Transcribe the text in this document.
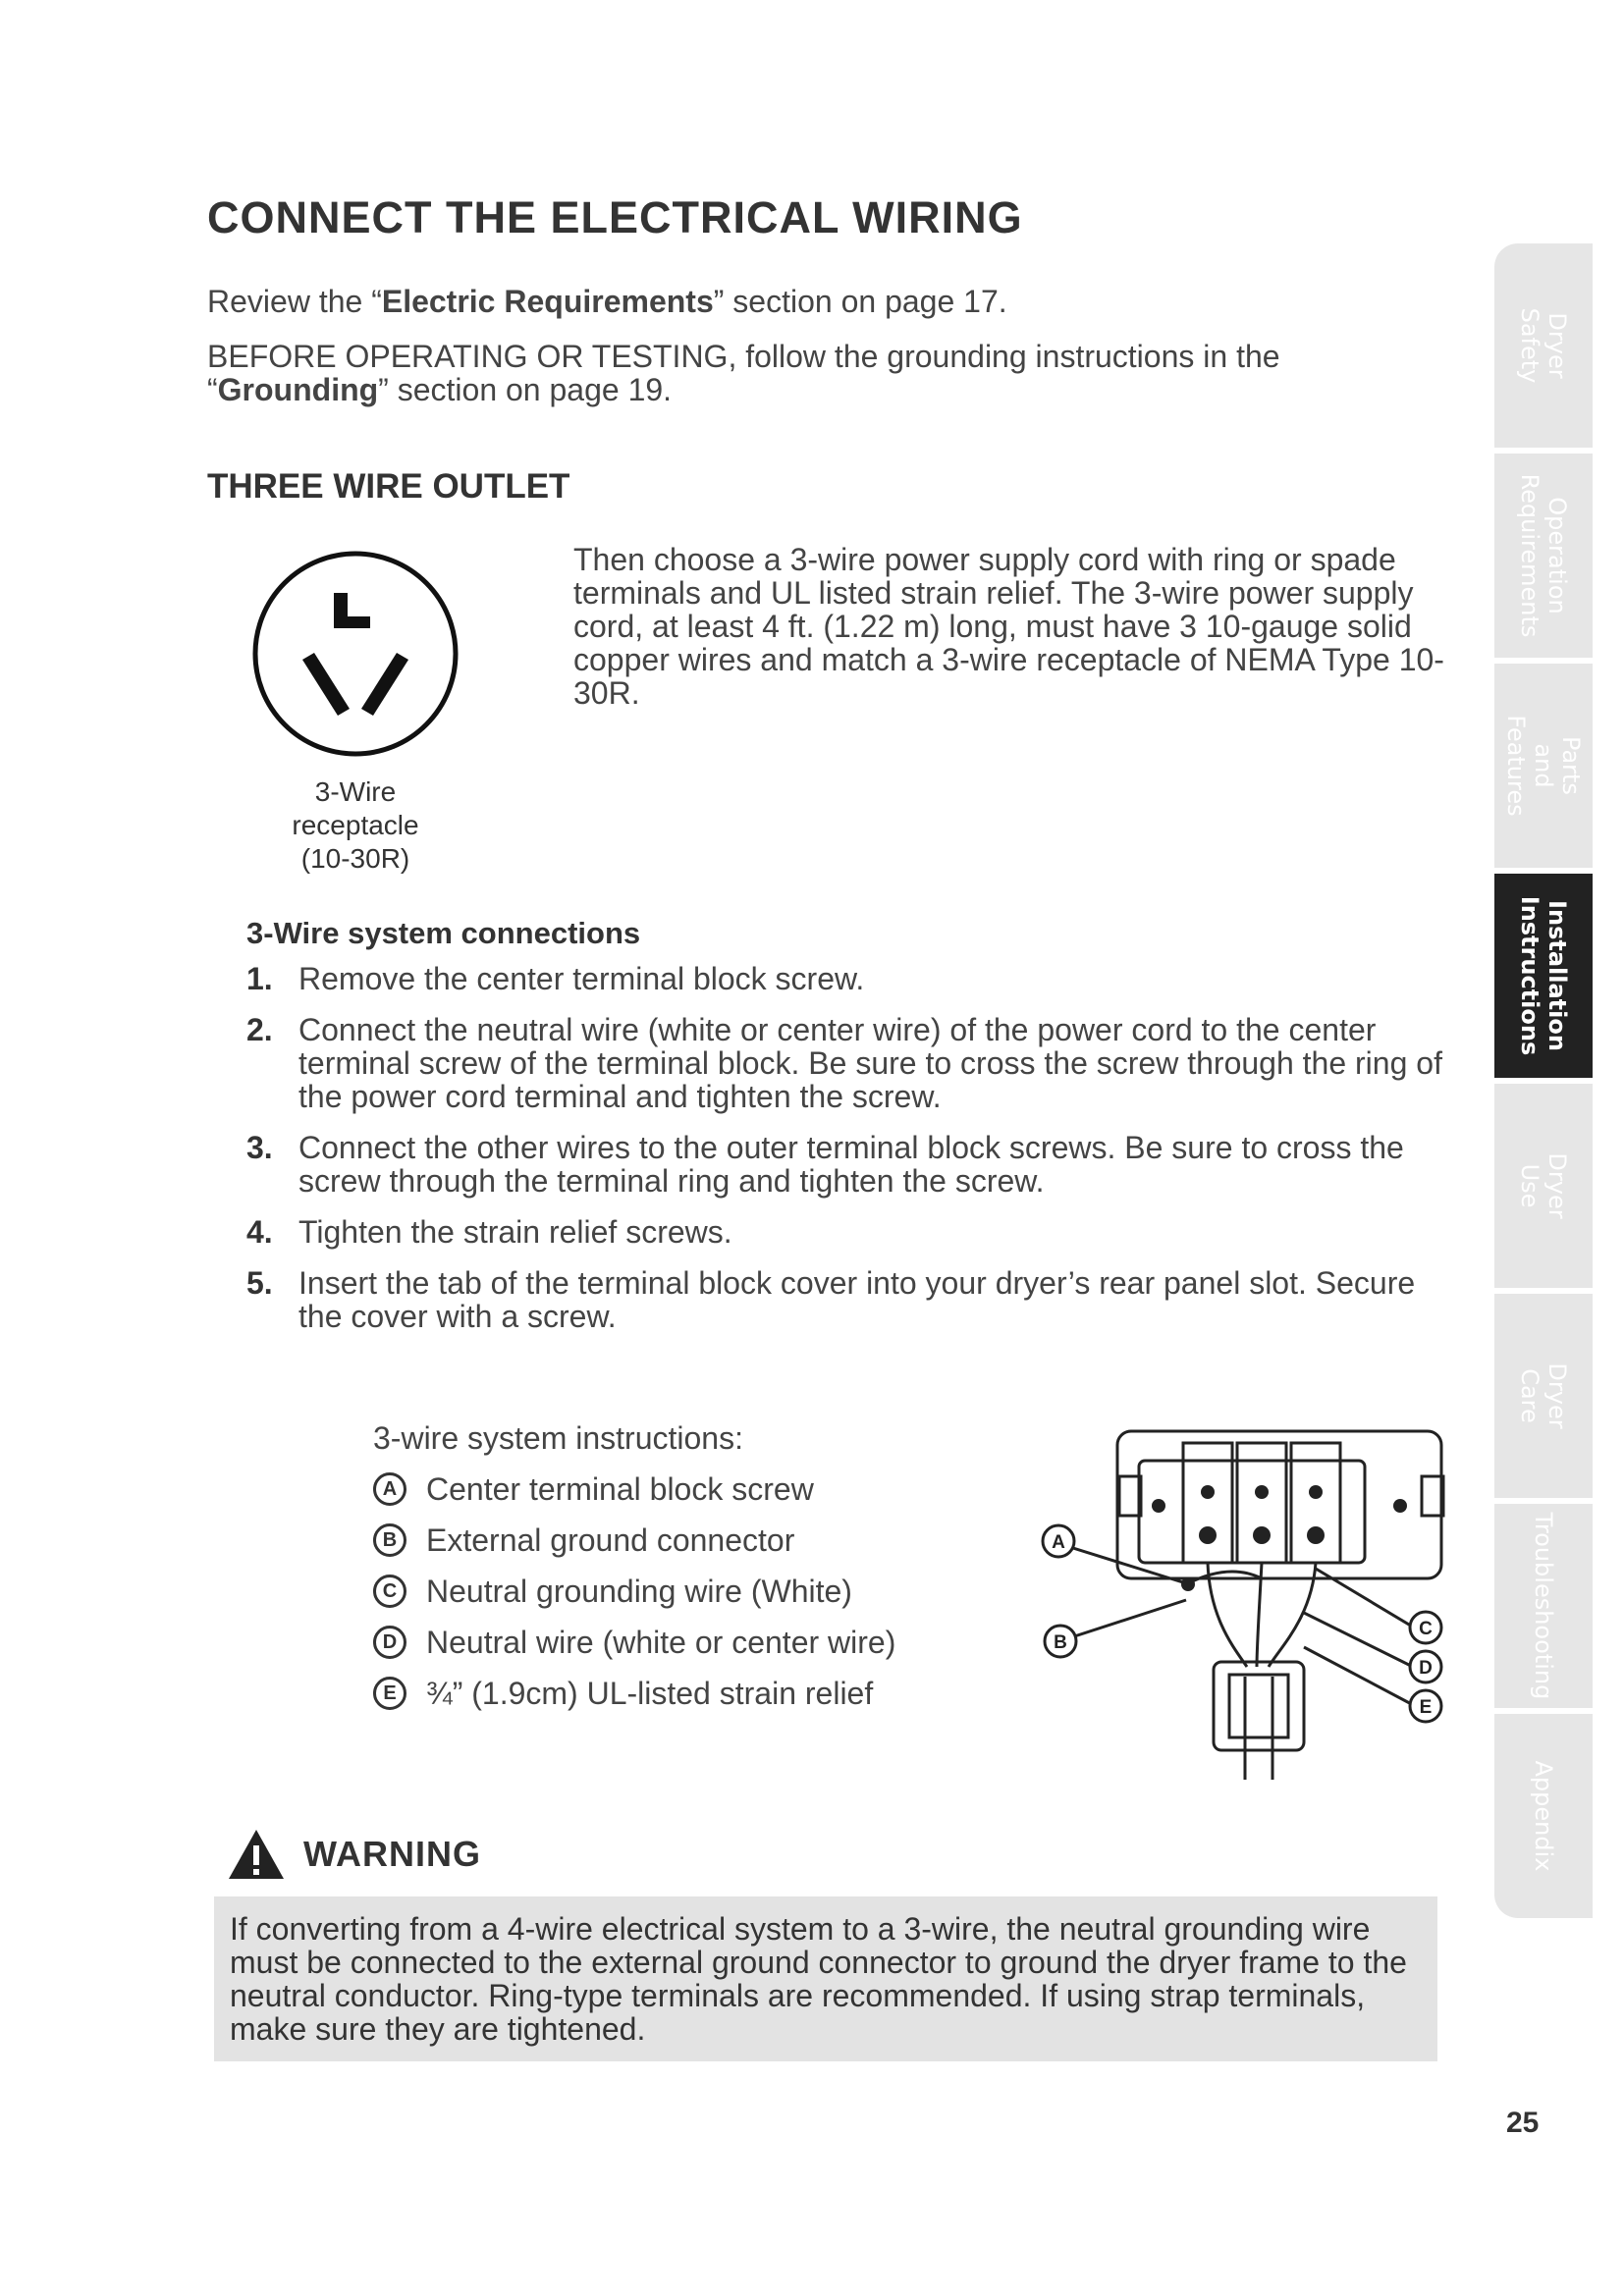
CONNECT THE ELECTRICAL WIRING

Review the “Electric Requirements” section on page 17.

BEFORE OPERATING OR TESTING, follow the grounding instructions in the “Grounding” section on page 19.

THREE WIRE OUTLET
3-Wire
receptacle
(10-30R)

Then choose a 3-wire power supply cord with ring or spade terminals and UL listed strain relief. The 3-wire power supply cord, at least 4 ft. (1.22 m) long, must have 3 10-gauge solid copper wires and match a 3-wire receptacle of NEMA Type 10-30R.

3-Wire system connections
1. Remove the center terminal block screw.
2. Connect the neutral wire (white or center wire) of the power cord to the center terminal screw of the terminal block. Be sure to cross the screw through the ring of the power cord terminal and tighten the screw.
3. Connect the other wires to the outer terminal block screws. Be sure to cross the screw through the terminal ring and tighten the screw.
4. Tighten the strain relief screws.
5. Insert the tab of the terminal block cover into your dryer’s rear panel slot. Secure the cover with a screw.

3-wire system instructions:

A Center terminal block screw
B External ground connector
C Neutral grounding wire (White)
D Neutral wire (white or center wire)
E ¾” (1.9cm) UL-listed strain relief
A
B
C
D
E
WARNING
If converting from a 4-wire electrical system to a 3-wire, the neutral grounding wire must be connected to the external ground connector to ground the dryer frame to the neutral conductor. Ring-type terminals are recommended. If using strap terminals, make sure they are tightened.
Dryer
Safety
Operation
Requirements
Parts and
Features
Installation
Instructions
Dryer Use
Dryer Care
Troubleshooting
Appendix
25
